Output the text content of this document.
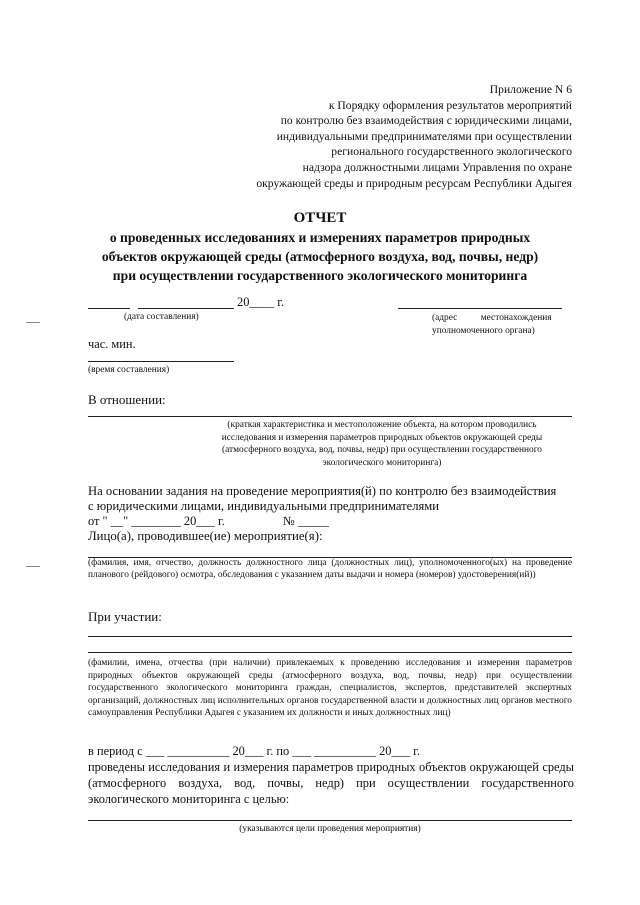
Приложение N 6
к Порядку оформления результатов мероприятий
по контролю без взаимодействия с юридическими лицами,
индивидуальными предпринимателями при осуществлении
регионального государственного экологического
надзора должностными лицами Управления по охране
окружающей среды и природным ресурсам Республики Адыгея
ОТЧЕТ
о проведенных исследованиях и измерениях параметров природных
объектов окружающей среды (атмосферного воздуха, вод, почвы, недр)
при осуществлении государственного экологического мониторинга
20____ г.
(дата составления)	(адрес          местонахождения
уполномоченного органа)
час. мин.
(время составления)
В отношении:
(краткая характеристика и местоположение объекта, на котором проводились
исследования и измерения параметров природных объектов окружающей среды
(атмосферного воздуха, вод, почвы, недр) при осуществлении государственного
экологического мониторинга)
На основании задания на проведение мероприятия(й) по контролю без взаимодействия
с юридическими лицами, индивидуальными предпринимателями
от " __" ________ 20___ г.	№ _____
Лицо(а), проводившее(ие) мероприятие(я):
(фамилия, имя, отчество, должность должностного лица (должностных лиц), уполномоченного(ых) на проведение планового (рейдового) осмотра, обследования с указанием даты выдачи и номера (номеров) удостоверения(ий))
При участии:
(фамилии, имена, отчества (при наличии) привлекаемых к проведению исследования и измерения параметров природных объектов окружающей среды (атмосферного воздуха, вод, почвы, недр) при осуществлении государственного экологического мониторинга граждан, специалистов, экспертов, представителей экспертных организаций, должностных лиц исполнительных органов государственной власти и должностных лиц органов местного самоуправления Республики Адыгея с указанием их должности и иных должностных лиц)
в период с ___ __________ 20___ г. по ___ __________ 20___ г.
проведены исследования и измерения параметров природных объектов окружающей среды (атмосферного воздуха, вод, почвы, недр) при осуществлении государственного экологического мониторинга с целью:
(указываются цели проведения мероприятия)
